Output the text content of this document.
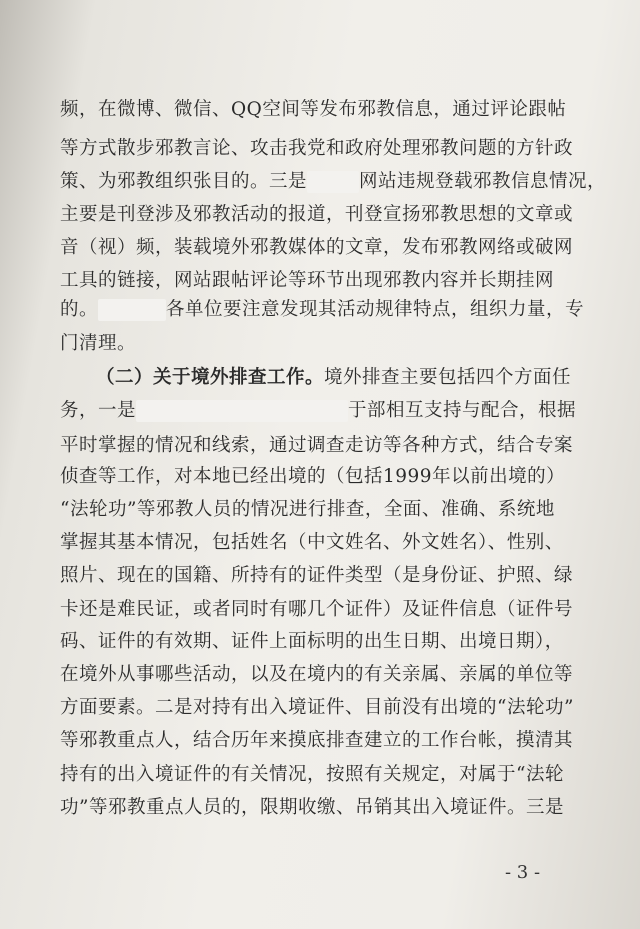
频，在微博、微信、QQ空间等发布邪教信息，通过评论跟帖
等方式散步邪教言论、攻击我党和政府处理邪教问题的方针政
策、为邪教组织张目的。三是	网站违规登载邪教信息情况，
主要是刊登涉及邪教活动的报道，刊登宣扬邪教思想的文章或
音（视）频，装载境外邪教媒体的文章，发布邪教网络或破网
工具的链接，网站跟帖评论等环节出现邪教内容并长期挂网
的。	各单位要注意发现其活动规律特点，组织力量，专
门清理。
（二）关于境外排查工作。境外排查主要包括四个方面任
务，一是	于部相互支持与配合，根据
平时掌握的情况和线索，通过调查走访等各种方式，结合专案
侦查等工作，对本地已经出境的（包括1999年以前出境的）
“法轮功”等邪教人员的情况进行排查，全面、准确、系统地
掌握其基本情况，包括姓名（中文姓名、外文姓名）、性别、
照片、现在的国籍、所持有的证件类型（是身份证、护照、绿
卡还是难民证，或者同时有哪几个证件）及证件信息（证件号
码、证件的有效期、证件上面标明的出生日期、出境日期），
在境外从事哪些活动，以及在境内的有关亲属、亲属的单位等
方面要素。二是对持有出入境证件、目前没有出境的“法轮功”
等邪教重点人，结合历年来摸底排查建立的工作台帐，摸清其
持有的出入境证件的有关情况，按照有关规定，对属于“法轮
功”等邪教重点人员的，限期收缴、吊销其出入境证件。三是
- 3 -
